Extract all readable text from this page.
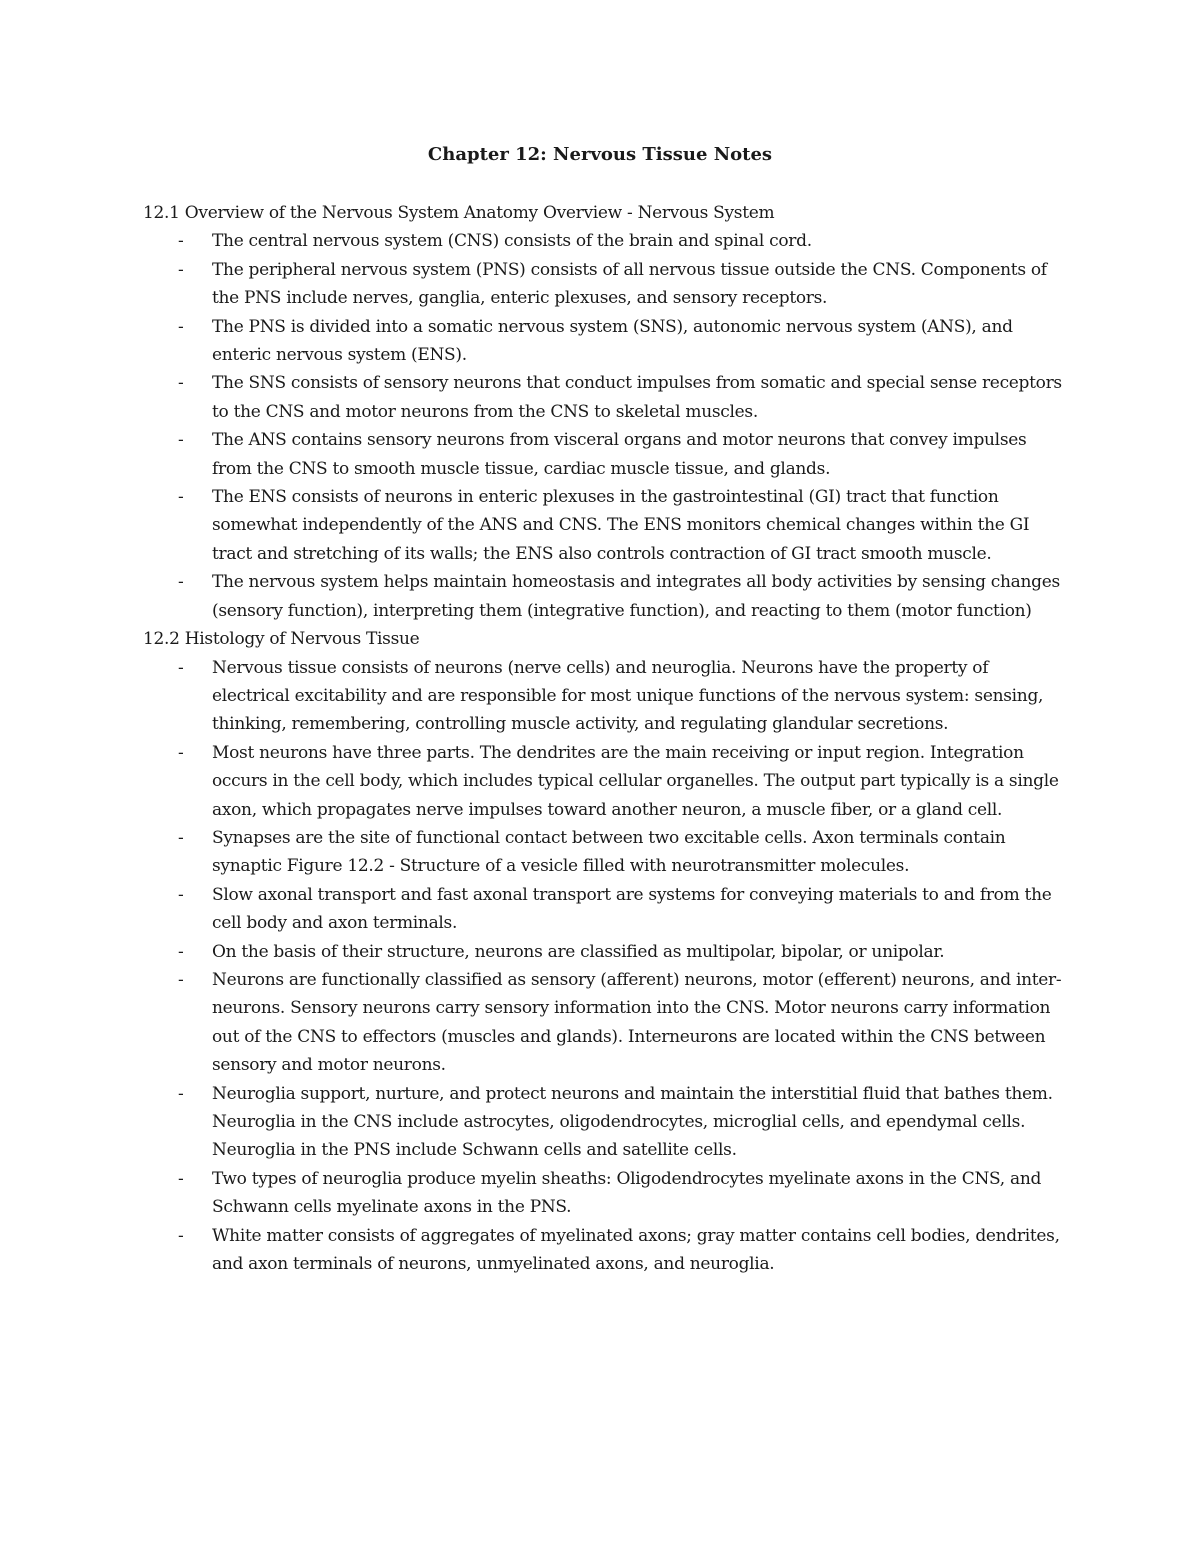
Chapter 12: Nervous Tissue Notes

12.1 Overview of the Nervous System Anatomy Overview - Nervous System

- The central nervous system (CNS) consists of the brain and spinal cord.
- The peripheral nervous system (PNS) consists of all nervous tissue outside the CNS. Components of the PNS include nerves, ganglia, enteric plexuses, and sensory receptors.
- The PNS is divided into a somatic nervous system (SNS), autonomic nervous system (ANS), and enteric nervous system (ENS).
- The SNS consists of sensory neurons that conduct impulses from somatic and special sense receptors to the CNS and motor neurons from the CNS to skeletal muscles.
- The ANS contains sensory neurons from visceral organs and motor neurons that convey impulses from the CNS to smooth muscle tissue, cardiac muscle tissue, and glands.
- The ENS consists of neurons in enteric plexuses in the gastrointestinal (GI) tract that function somewhat independently of the ANS and CNS. The ENS monitors chemical changes within the GI tract and stretching of its walls; the ENS also controls contraction of GI tract smooth muscle.
- The nervous system helps maintain homeostasis and integrates all body activities by sensing changes (sensory function), interpreting them (integrative function), and reacting to them (motor function)

12.2 Histology of Nervous Tissue

- Nervous tissue consists of neurons (nerve cells) and neuroglia. Neurons have the property of electrical excitability and are responsible for most unique functions of the nervous system: sensing, thinking, remembering, controlling muscle activity, and regulating glandular secretions.
- Most neurons have three parts. The dendrites are the main receiving or input region. Integration occurs in the cell body, which includes typical cellular organelles. The output part typically is a single axon, which propagates nerve impulses toward another neuron, a muscle fiber, or a gland cell.
- Synapses are the site of functional contact between two excitable cells. Axon terminals contain synaptic Figure 12.2 - Structure of a vesicle filled with neurotransmitter molecules.
- Slow axonal transport and fast axonal transport are systems for conveying materials to and from the cell body and axon terminals.
- On the basis of their structure, neurons are classified as multipolar, bipolar, or unipolar.
- Neurons are functionally classified as sensory (afferent) neurons, motor (efferent) neurons, and inter- neurons. Sensory neurons carry sensory information into the CNS. Motor neurons carry information out of the CNS to effectors (muscles and glands). Interneurons are located within the CNS between sensory and motor neurons.
- Neuroglia support, nurture, and protect neurons and maintain the interstitial fluid that bathes them. Neuroglia in the CNS include astrocytes, oligodendrocytes, microglial cells, and ependymal cells. Neuroglia in the PNS include Schwann cells and satellite cells.
- Two types of neuroglia produce myelin sheaths: Oligodendrocytes myelinate axons in the CNS, and Schwann cells myelinate axons in the PNS.
- White matter consists of aggregates of myelinated axons; gray matter contains cell bodies, dendrites, and axon terminals of neurons, unmyelinated axons, and neuroglia.
